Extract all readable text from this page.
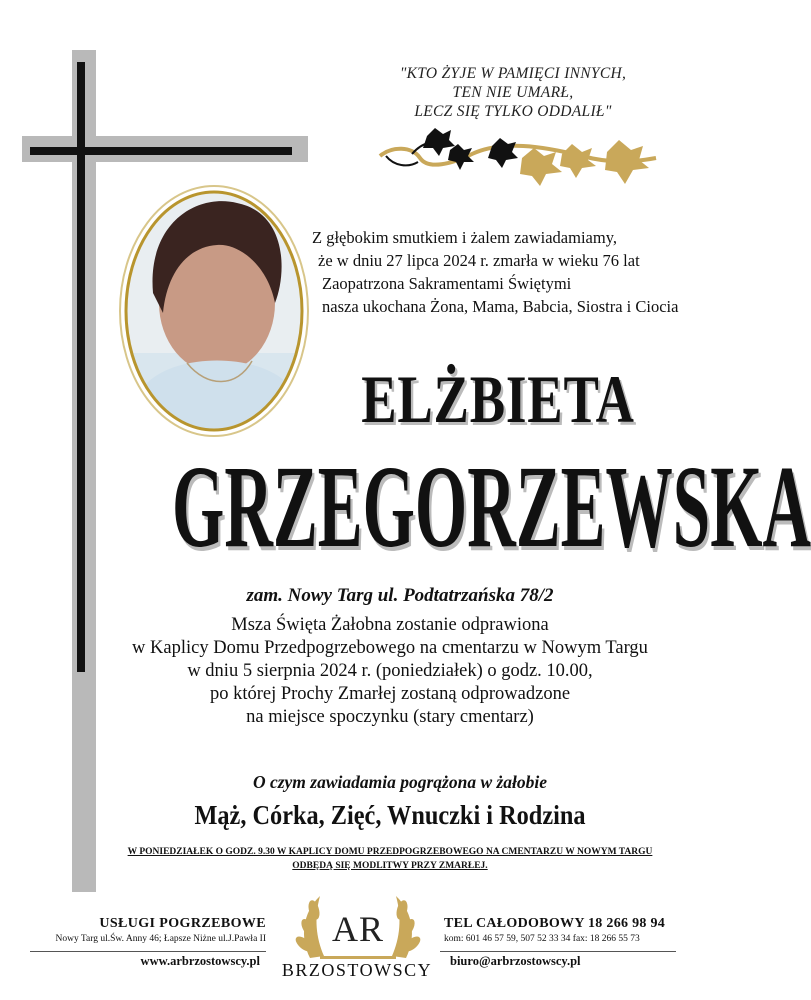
"KTO ŻYJE W PAMIĘCI INNYCH,
TEN NIE UMARŁ,
LECZ SIĘ TYLKO ODDALIŁ"
Z głębokim smutkiem i żalem zawiadamiamy,
że w dniu 27 lipca 2024 r. zmarła w wieku 76 lat
Zaopatrzona Sakramentami Świętymi
nasza ukochana Żona, Mama, Babcia, Siostra i Ciocia
ELŻBIETA
GRZEGORZEWSKA
zam. Nowy Targ ul. Podtatrzańska 78/2
Msza Święta Żałobna zostanie odprawiona
w Kaplicy Domu Przedpogrzebowego na cmentarzu w Nowym Targu
w dniu 5 sierpnia 2024 r. (poniedziałek) o godz. 10.00,
po której Prochy Zmarłej zostaną odprowadzone
na miejsce spoczynku (stary cmentarz)
O czym zawiadamia pogrążona w żałobie
Mąż, Córka, Zięć, Wnuczki i Rodzina
W PONIEDZIAŁEK O GODZ. 9.30 W KAPLICY DOMU PRZEDPOGRZEBOWEGO NA CMENTARZU W NOWYM TARGU
ODBĘDĄ SIĘ MODLITWY PRZY ZMARŁEJ.
USŁUGI POGRZEBOWE
Nowy Targ ul.Św. Anny 46; Łapsze Niżne ul.J.Pawła II
www.arbrzostowscy.pl
AR
BRZOSTOWSCY
TEL CAŁODOBOWY 18 266 98 94
kom: 601 46 57 59, 507 52 33 34 fax: 18 266 55 73
biuro@arbrzostowscy.pl
